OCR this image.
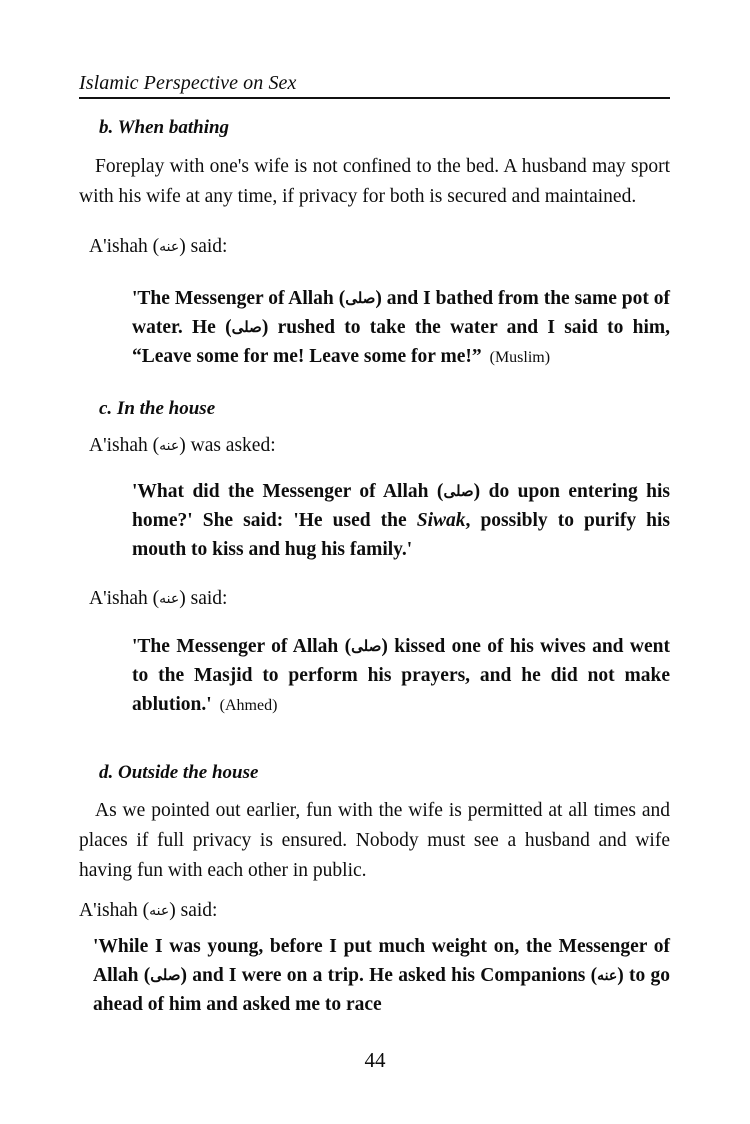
Islamic Perspective on Sex
b. When bathing

Foreplay with one's wife is not confined to the bed. A husband may sport with his wife at any time, if privacy for both is secured and maintained.

A'ishah (عنه) said:

'The Messenger of Allah (صلى) and I bathed from the same pot of water. He (صلى) rushed to take the water and I said to him, “Leave some for me! Leave some for me!” (Muslim)

c. In the house

A'ishah (عنه) was asked:

'What did the Messenger of Allah (صلى) do upon entering his home?' She said: 'He used the Siwak, possibly to purify his mouth to kiss and hug his family.'

A'ishah (عنه) said:

'The Messenger of Allah (صلى) kissed one of his wives and went to the Masjid to perform his prayers, and he did not make ablution.' (Ahmed)

d. Outside the house

As we pointed out earlier, fun with the wife is permitted at all times and places if full privacy is ensured. Nobody must see a husband and wife having fun with each other in public.

A'ishah (عنه) said:

'While I was young, before I put much weight on, the Messenger of Allah (صلى) and I were on a trip. He asked his Companions (عنه) to go ahead of him and asked me to race

44
